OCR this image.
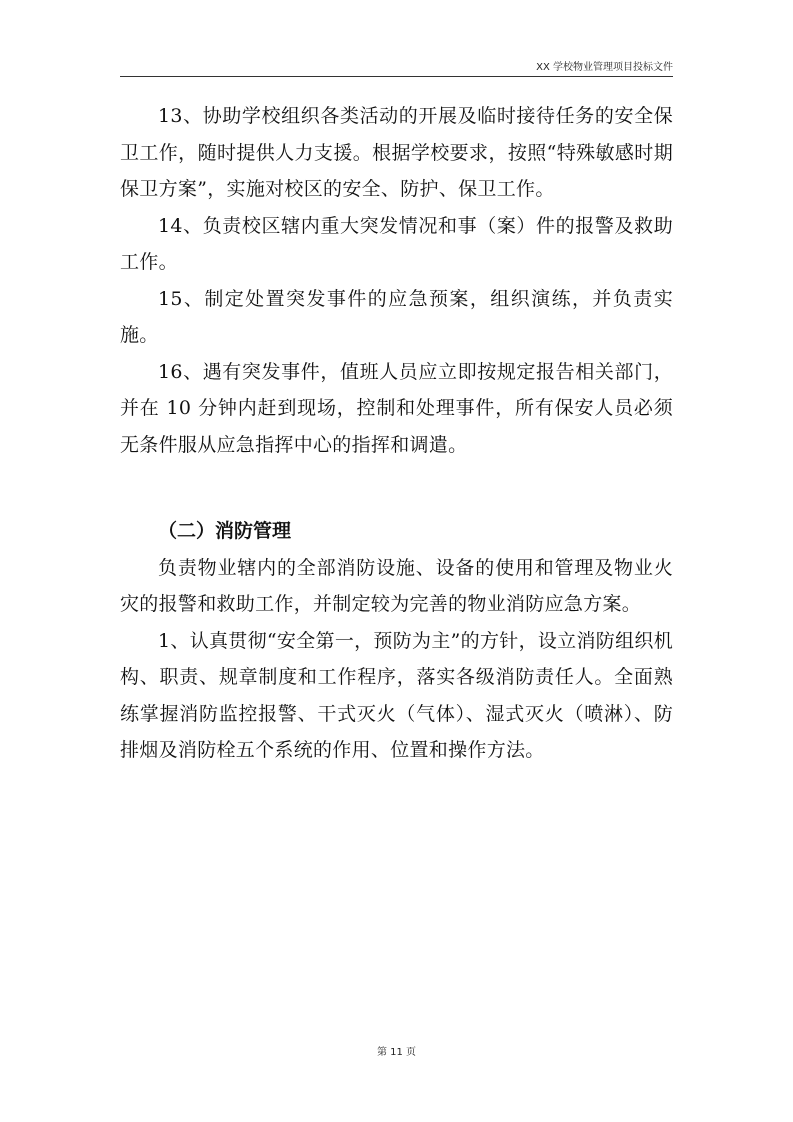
XX 学校物业管理项目投标文件

13、协助学校组织各类活动的开展及临时接待任务的安全保卫工作，随时提供人力支援。根据学校要求，按照“特殊敏感时期保卫方案”，实施对校区的安全、防护、保卫工作。

14、负责校区辖内重大突发情况和事（案）件的报警及救助工作。

15、制定处置突发事件的应急预案，组织演练，并负责实施。

16、遇有突发事件，值班人员应立即按规定报告相关部门，并在 10 分钟内赶到现场，控制和处理事件，所有保安人员必须无条件服从应急指挥中心的指挥和调遣。

（二）消防管理

负责物业辖内的全部消防设施、设备的使用和管理及物业火灾的报警和救助工作，并制定较为完善的物业消防应急方案。

1、认真贯彻“安全第一，预防为主”的方针，设立消防组织机构、职责、规章制度和工作程序，落实各级消防责任人。全面熟练掌握消防监控报警、干式灭火（气体）、湿式灭火（喷淋）、防排烟及消防栓五个系统的作用、位置和操作方法。

第 11 页
